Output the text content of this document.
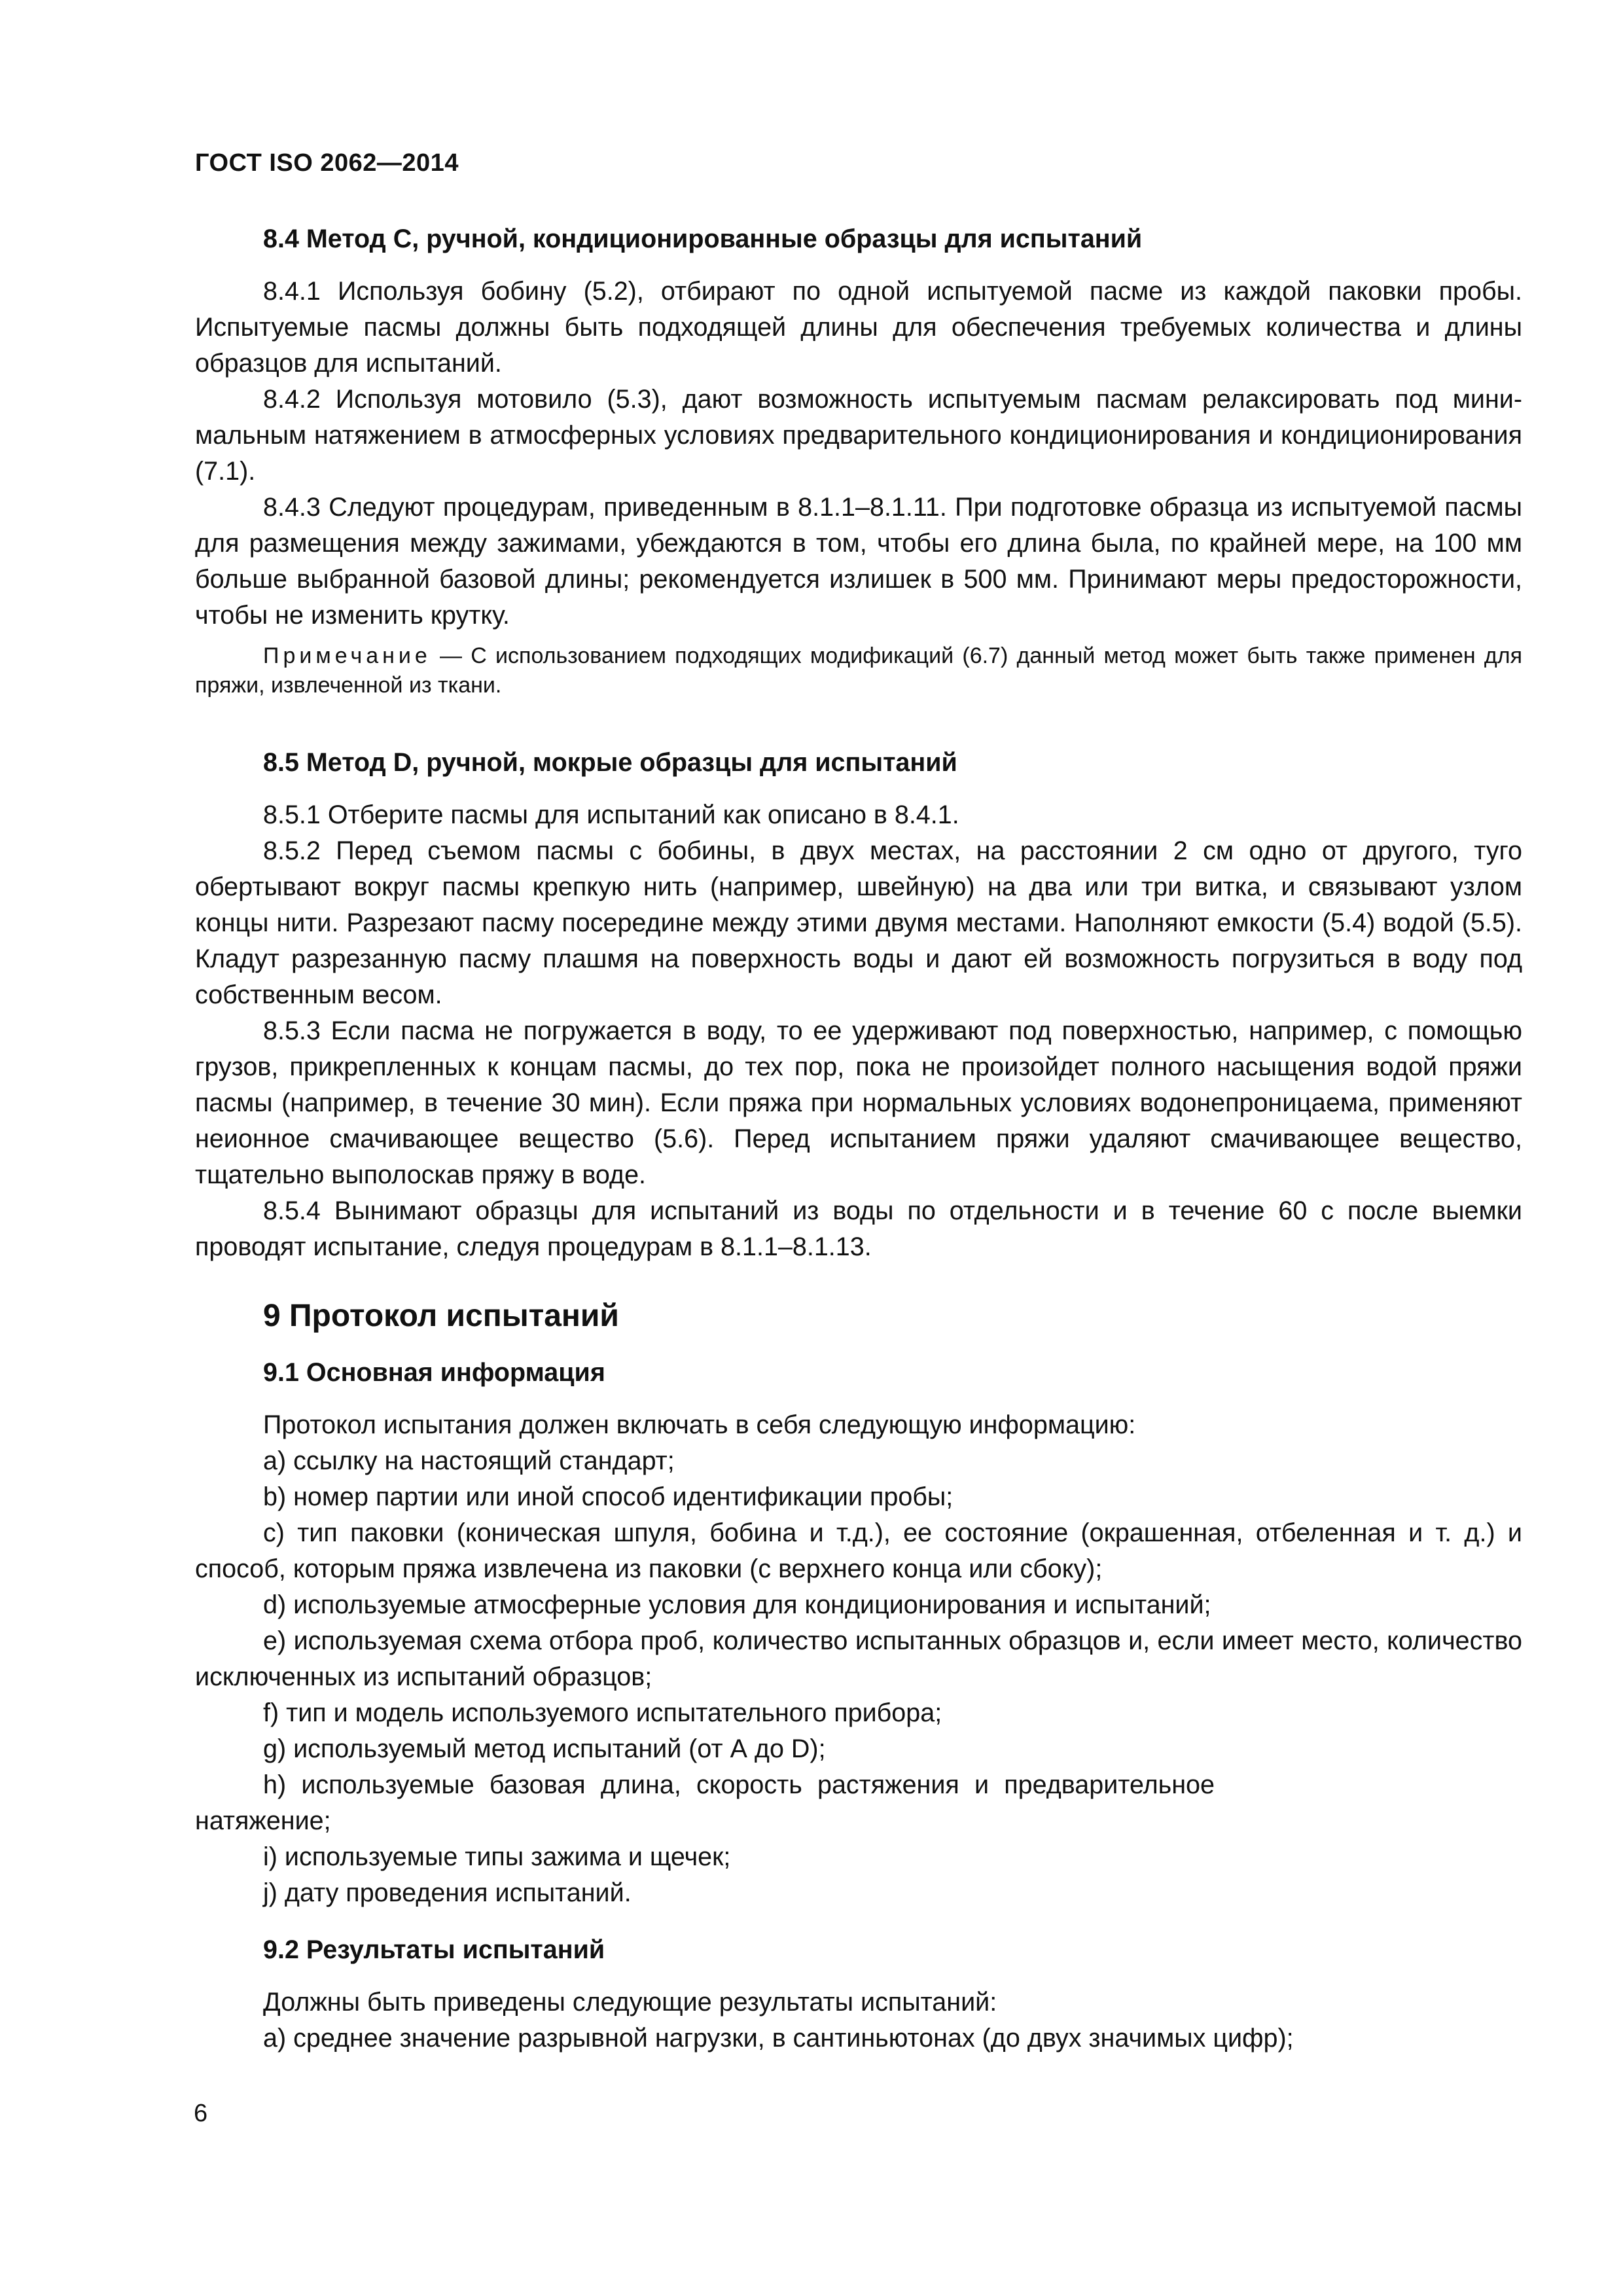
ГОСТ ISO 2062—2014
8.4 Метод С, ручной, кондиционированные образцы для испытаний

8.4.1 Используя бобину (5.2), отбирают по одной испытуемой пасме из каждой паковки пробы. Испытуемые пасмы должны быть подходящей длины для обеспечения требуемых количества и длины образцов для испытаний.

8.4.2 Используя мотовило (5.3), дают возможность испытуемым пасмам релаксировать под минимальным натяжением в атмосферных условиях предварительного кондиционирования и кондиционирования (7.1).

8.4.3 Следуют процедурам, приведенным в 8.1.1–8.1.11. При подготовке образца из испытуемой пасмы для размещения между зажимами, убеждаются в том, чтобы его длина была, по крайней мере, на 100 мм больше выбранной базовой длины; рекомендуется излишек в 500 мм. Принимают меры предосторожности, чтобы не изменить крутку.

Примечание — С использованием подходящих модификаций (6.7) данный метод может быть также применен для пряжи, извлеченной из ткани.

8.5 Метод D, ручной, мокрые образцы для испытаний

8.5.1 Отберите пасмы для испытаний как описано в 8.4.1.

8.5.2 Перед съемом пасмы с бобины, в двух местах, на расстоянии 2 см одно от другого, туго обертывают вокруг пасмы крепкую нить (например, швейную) на два или три витка, и связывают узлом концы нити. Разрезают пасму посередине между этими двумя местами. Наполняют емкости (5.4) водой (5.5). Кладут разрезанную пасму плашмя на поверхность воды и дают ей возможность погрузиться в воду под собственным весом.

8.5.3 Если пасма не погружается в воду, то ее удерживают под поверхностью, например, с помощью грузов, прикрепленных к концам пасмы, до тех пор, пока не произойдет полного насыщения водой пряжи пасмы (например, в течение 30 мин). Если пряжа при нормальных условиях водонепроницаема, применяют неионное смачивающее вещество (5.6). Перед испытанием пряжи удаляют смачивающее вещество, тщательно выполоскав пряжу в воде.

8.5.4 Вынимают образцы для испытаний из воды по отдельности и в течение 60 с после выемки проводят испытание, следуя процедурам в 8.1.1–8.1.13.

9 Протокол испытаний
9.1 Основная информация

Протокол испытания должен включать в себя следующую информацию:

a) ссылку на настоящий стандарт;

b) номер партии или иной способ идентификации пробы;

c) тип паковки (коническая шпуля, бобина и т.д.), ее состояние (окрашенная, отбеленная и т. д.) и способ, которым пряжа извлечена из паковки (с верхнего конца или сбоку);

d) используемые атмосферные условия для кондиционирования и испытаний;

e) используемая схема отбора проб, количество испытанных образцов и, если имеет место, количество исключенных из испытаний образцов;

f) тип и модель используемого испытательного прибора;

g) используемый метод испытаний (от А до D);

h) используемые базовая длина, скорость растяжения и предварительное натяжение;

i) используемые типы зажима и щечек;

j) дату проведения испытаний.

9.2 Результаты испытаний

Должны быть приведены следующие результаты испытаний:

a) среднее значение разрывной нагрузки, в сантиньютонах (до двух значимых цифр);

6
